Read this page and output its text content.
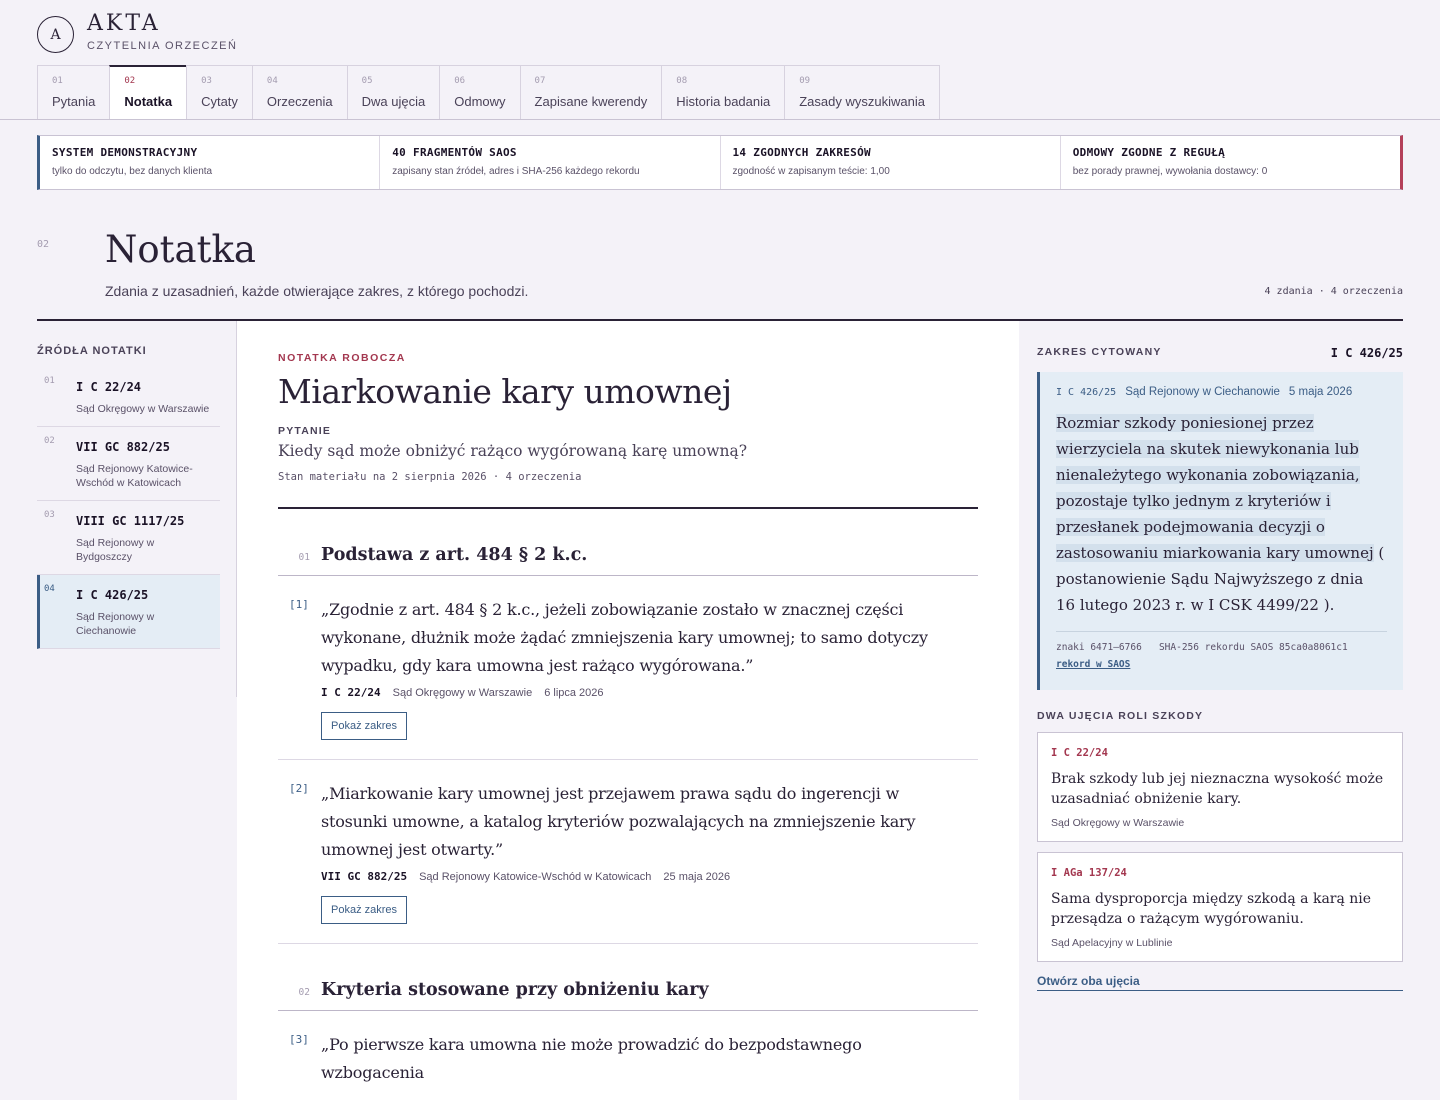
A	AKTA
CZYTELNIA ORZECZEŃ
01
Pytania
02
Notatka
03
Cytaty
04
Orzeczenia
05
Dwa ujęcia
06
Odmowy
07
Zapisane kwerendy
08
Historia badania
09
Zasady wyszukiwania
SYSTEM DEMONSTRACYJNY
tylko do odczytu, bez danych klienta
40 FRAGMENTÓW SAOS
zapisany stan źródeł, adres i SHA-256 każdego rekordu
14 ZGODNYCH ZAKRESÓW
zgodność w zapisanym teście: 1,00
ODMOWY ZGODNE Z REGUŁĄ
bez porady prawnej, wywołania dostawcy: 0
02 Notatka
Zdania z uzasadnień, każde otwierające zakres, z którego pochodzi.	4 zdania · 4 orzeczenia
ŹRÓDŁA NOTATKI
01 I C 22/24
Sąd Okręgowy w Warszawie
02 VII GC 882/25
Sąd Rejonowy Katowice-Wschód w Katowicach
03 VIII GC 1117/25
Sąd Rejonowy w Bydgoszczy
04 I C 426/25
Sąd Rejonowy w Ciechanowie
NOTATKA ROBOCZA
Miarkowanie kary umownej
PYTANIE
Kiedy sąd może obniżyć rażąco wygórowaną karę umowną?
Stan materiału na 2 sierpnia 2026 · 4 orzeczenia
01 Podstawa z art. 484 § 2 k.c.
[1] „Zgodnie z art. 484 § 2 k.c., jeżeli zobowiązanie zostało w znacznej części wykonane, dłużnik może żądać zmniejszenia kary umownej; to samo dotyczy wypadku, gdy kara umowna jest rażąco wygórowana.”
I C 22/24 Sąd Okręgowy w Warszawie 6 lipca 2026
Pokaż zakres
[2] „Miarkowanie kary umownej jest przejawem prawa sądu do ingerencji w stosunki umowne, a katalog kryteriów pozwalających na zmniejszenie kary umownej jest otwarty.”
VII GC 882/25 Sąd Rejonowy Katowice-Wschód w Katowicach 25 maja 2026
Pokaż zakres
02 Kryteria stosowane przy obniżeniu kary
[3] „Po pierwsze kara umowna nie może prowadzić do bezpodstawnego wzbogacenia
ZAKRES CYTOWANY	I C 426/25
I C 426/25 Sąd Rejonowy w Ciechanowie 5 maja 2026
Rozmiar szkody poniesionej przez wierzyciela na skutek niewykonania lub nienależytego wykonania zobowiązania, pozostaje tylko jednym z kryteriów i przesłanek podejmowania decyzji o zastosowaniu miarkowania kary umownej ( postanowienie Sądu Najwyższego z dnia 16 lutego 2023 r. w I CSK 4499/22 ).
znaki 6471–6766   SHA-256 rekordu SAOS 85ca0a8061c1
rekord w SAOS
DWA UJĘCIA ROLI SZKODY
I C 22/24
Brak szkody lub jej nieznaczna wysokość może uzasadniać obniżenie kary.
Sąd Okręgowy w Warszawie
I AGa 137/24
Sama dysproporcja między szkodą a karą nie przesądza o rażącym wygórowaniu.
Sąd Apelacyjny w Lublinie
Otwórz oba ujęcia
